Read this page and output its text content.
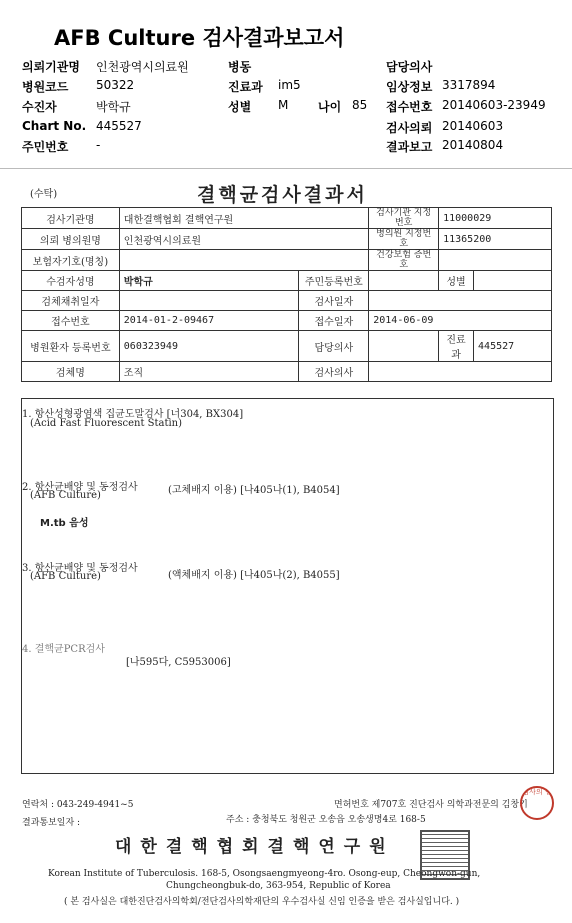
AFB Culture 검사결과보고서
의뢰기관명 인천광역시의료원	병동	담당의사
병원코드 50322	진료과 im5	임상정보 3317894
수진자	박학규	성별 M 나이 85 접수번호 20140603-23949
Chart No. 445527	검사의뢰 20140603
주민번호 -	결과보고 20140804
(수탁)	결핵균검사결과서
검사기관명	대한결핵협회 결핵연구원		검사기관 지정번호	11000029	
의뢰 병의원명	인천광역시의료원		병의원 지정번호	11365200	
보험자기호(명칭)			건강보험 증번호		
수검자성명	박학규	주민등록번호		성별	
검체채취일자		검사일자			
접수번호	2014-01-2-09467	접수일자	2014-06-09		
병원환자 등록번호	060323949	담당의사		진료과	445527
검체명	조직	검사의사			
1. 항산성형광염색 집균도말검사 [너304, BX304]
(Acid Fast Fluorescent Statin)
2. 항산균배양 및 동정검사
(AFB Culture)	(고체배지 이용) [나405나(1), B4054]
M.tb 음성
3. 항산균배양 및 동정검사
(AFB Culture)	(액체배지 이용) [나405나(2), B4055]
4. 결핵균PCR검사
[나595다, C5953006]
연락처 : 043-249-4941~5	면허번호 제707호 진단검사 의학과전문의 김창기
검사의 인
결과통보일자 :	주소 : 충청북도 청원군 오송읍 오송생명4로 168-5
대한결핵협회결핵연구원
Korean Institute of Tuberculosis. 168-5, Osongsaengmyeong-4ro. Osong-eup, Cheongwon-gun,
Chungcheongbuk-do, 363-954, Republic of Korea
( 본 검사실은 대한진단검사의학회/전단검사의학재단의 우수검사실 신임 인증을 받은 검사실입니다. )
